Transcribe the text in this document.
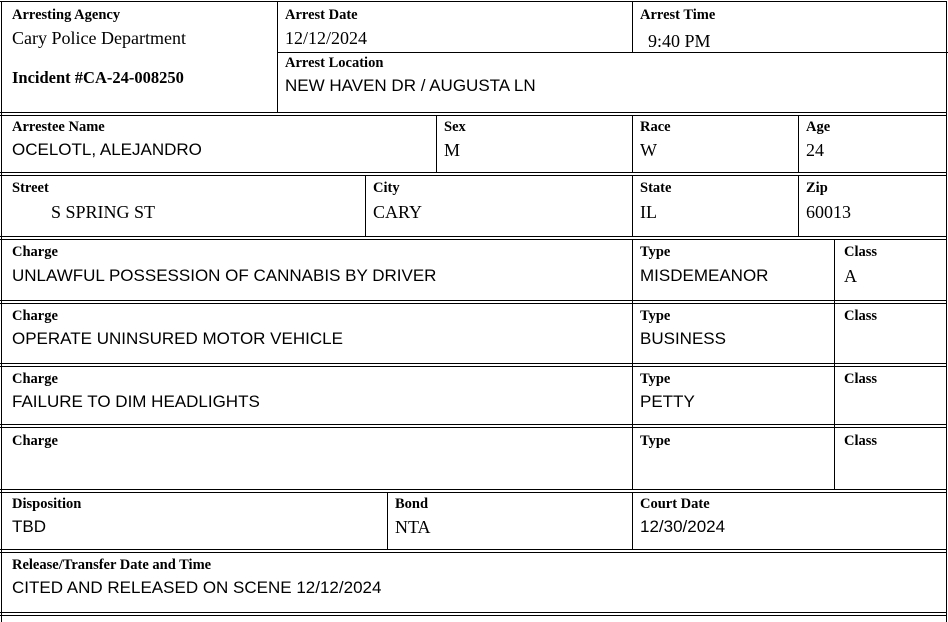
Arresting Agency
Cary Police Department
Incident #CA-24-008250
Arrest Date
12/12/2024
Arrest Time
9:40 PM
Arrest Location
NEW HAVEN DR / AUGUSTA LN
Arrestee Name
OCELOTL, ALEJANDRO
Sex
M
Race
W
Age
24
Street
S SPRING ST
City
CARY
State
IL
Zip
60013
Charge
UNLAWFUL POSSESSION OF CANNABIS BY DRIVER
Type
MISDEMEANOR
Class
A
Charge
OPERATE UNINSURED MOTOR VEHICLE
Type
BUSINESS
Class
Charge
FAILURE TO DIM HEADLIGHTS
Type
PETTY
Class
Charge	Type	Class
Disposition
TBD
Bond
NTA
Court Date
12/30/2024
Release/Transfer Date and Time
CITED AND RELEASED ON SCENE 12/12/2024
